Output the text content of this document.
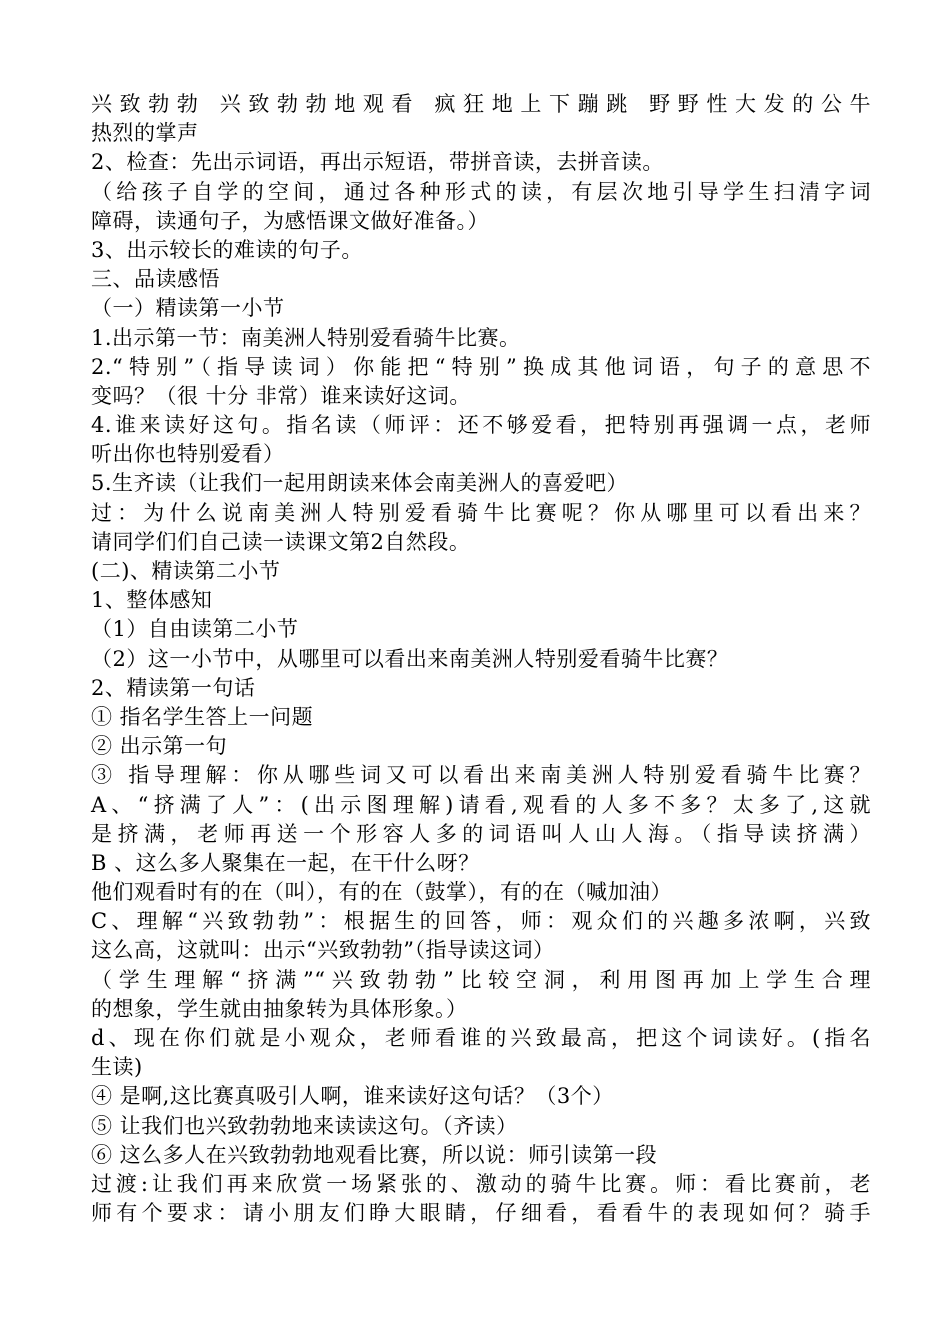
兴致勃勃 兴致勃勃地观看 疯狂地上下蹦跳 野野性大发的公牛
热烈的掌声
2、检查：先出示词语，再出示短语，带拼音读，去拼音读。
（给孩子自学的空间，通过各种形式的读，有层次地引导学生扫清字词
障碍，读通句子，为感悟课文做好准备。）
3、出示较长的难读的句子。
三、品读感悟
（一）精读第一小节
1.出示第一节：南美洲人特别爱看骑牛比赛。
2.“特别”（指导读词）你能把“特别”换成其他词语，句子的意思不
变吗？（很 十分 非常）谁来读好这词。
4.谁来读好这句。指名读（师评：还不够爱看，把特别再强调一点，老师
听出你也特别爱看）
5.生齐读（让我们一起用朗读来体会南美洲人的喜爱吧）
过：为什么说南美洲人特别爱看骑牛比赛呢？你从哪里可以看出来？
请同学们们自己读一读课文第2自然段。
(二)、精读第二小节
1、整体感知
（1）自由读第二小节
（2）这一小节中，从哪里可以看出来南美洲人特别爱看骑牛比赛？
2、精读第一句话
① 指名学生答上一问题
② 出示第一句
③ 指导理解：你从哪些词又可以看出来南美洲人特别爱看骑牛比赛？
A、“挤满了人”：(出示图理解)请看,观看的人多不多？太多了,这就
是挤满，老师再送一个形容人多的词语叫人山人海。（指导读挤满）
B 、这么多人聚集在一起，在干什么呀？
他们观看时有的在（叫），有的在（鼓掌），有的在（喊加油）
C、理解“兴致勃勃”：根据生的回答，师：观众们的兴趣多浓啊，兴致
这么高，这就叫：出示“兴致勃勃”（指导读这词）
（学生理解“挤满”“兴致勃勃”比较空洞，利用图再加上学生合理
的想象，学生就由抽象转为具体形象。）
d、现在你们就是小观众，老师看谁的兴致最高，把这个词读好。(指名
生读)
④ 是啊,这比赛真吸引人啊，谁来读好这句话？（3个）
⑤ 让我们也兴致勃勃地来读读这句。（齐读）
⑥ 这么多人在兴致勃勃地观看比赛，所以说：师引读第一段
过渡:让我们再来欣赏一场紧张的、激动的骑牛比赛。师：看比赛前，老
师有个要求：请小朋友们睁大眼睛，仔细看，看看牛的表现如何？骑手
